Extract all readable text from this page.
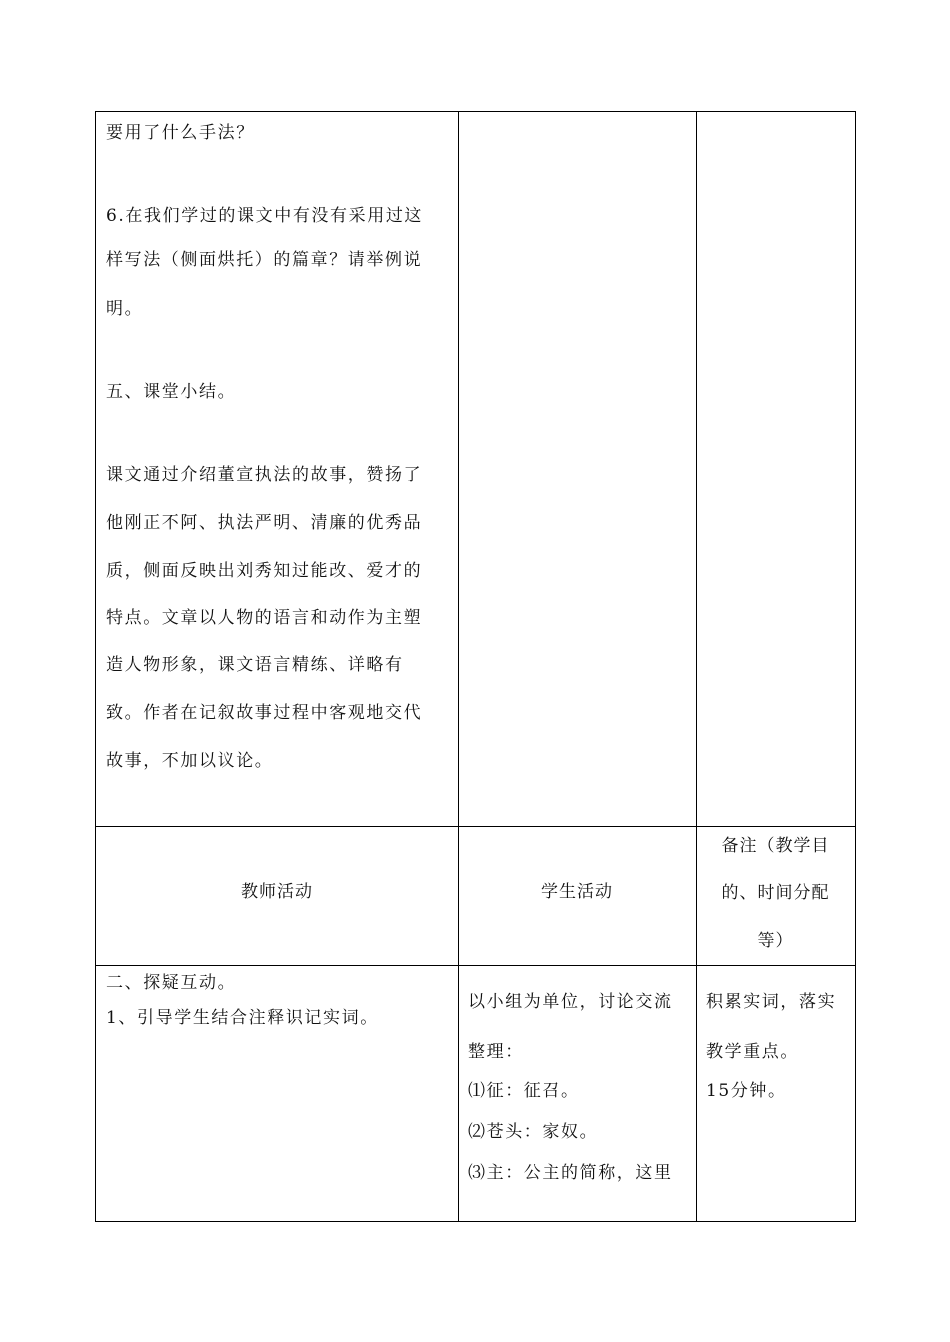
要用了什么手法？
6.在我们学过的课文中有没有采用过这
样写法（侧面烘托）的篇章？请举例说
明。
五、课堂小结。
课文通过介绍董宣执法的故事，赞扬了
他刚正不阿、执法严明、清廉的优秀品
质，侧面反映出刘秀知过能改、爱才的
特点。文章以人物的语言和动作为主塑
造人物形象，课文语言精练、详略有
致。作者在记叙故事过程中客观地交代
故事，不加以议论。
教师活动	学生活动
备注（教学目
的、时间分配
等）
二、探疑互动。
1、引导学生结合注释识记实词。
以小组为单位，讨论交流
整理：
⑴征：征召。
⑵苍头：家奴。
⑶主：公主的简称，这里
积累实词，落实
教学重点。
15分钟。
